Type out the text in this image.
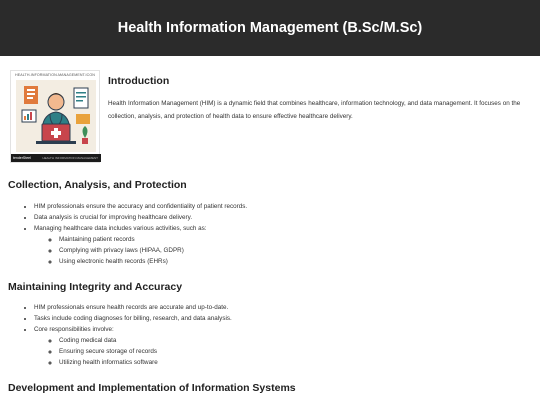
Health Information Management (B.Sc/M.Sc)
HEALTH-INFORMATION-MANAGEMENT.ICON
tenderSteel	HEALTH INFORMATION MANAGEMENT
Introduction

Health Information Management (HIM) is a dynamic field that combines healthcare, information technology, and data management. It focuses on the collection, analysis, and protection of health data to ensure effective healthcare delivery.

Collection, Analysis, and Protection
• HIM professionals ensure the accuracy and confidentiality of patient records.
• Data analysis is crucial for improving healthcare delivery.
• Managing healthcare data includes various activities, such as:
◦ Maintaining patient records
◦ Complying with privacy laws (HIPAA, GDPR)
◦ Using electronic health records (EHRs)
Maintaining Integrity and Accuracy
• HIM professionals ensure health records are accurate and up-to-date.
• Tasks include coding diagnoses for billing, research, and data analysis.
• Core responsibilities involve:
◦ Coding medical data
◦ Ensuring secure storage of records
◦ Utilizing health informatics software
Development and Implementation of Information Systems
